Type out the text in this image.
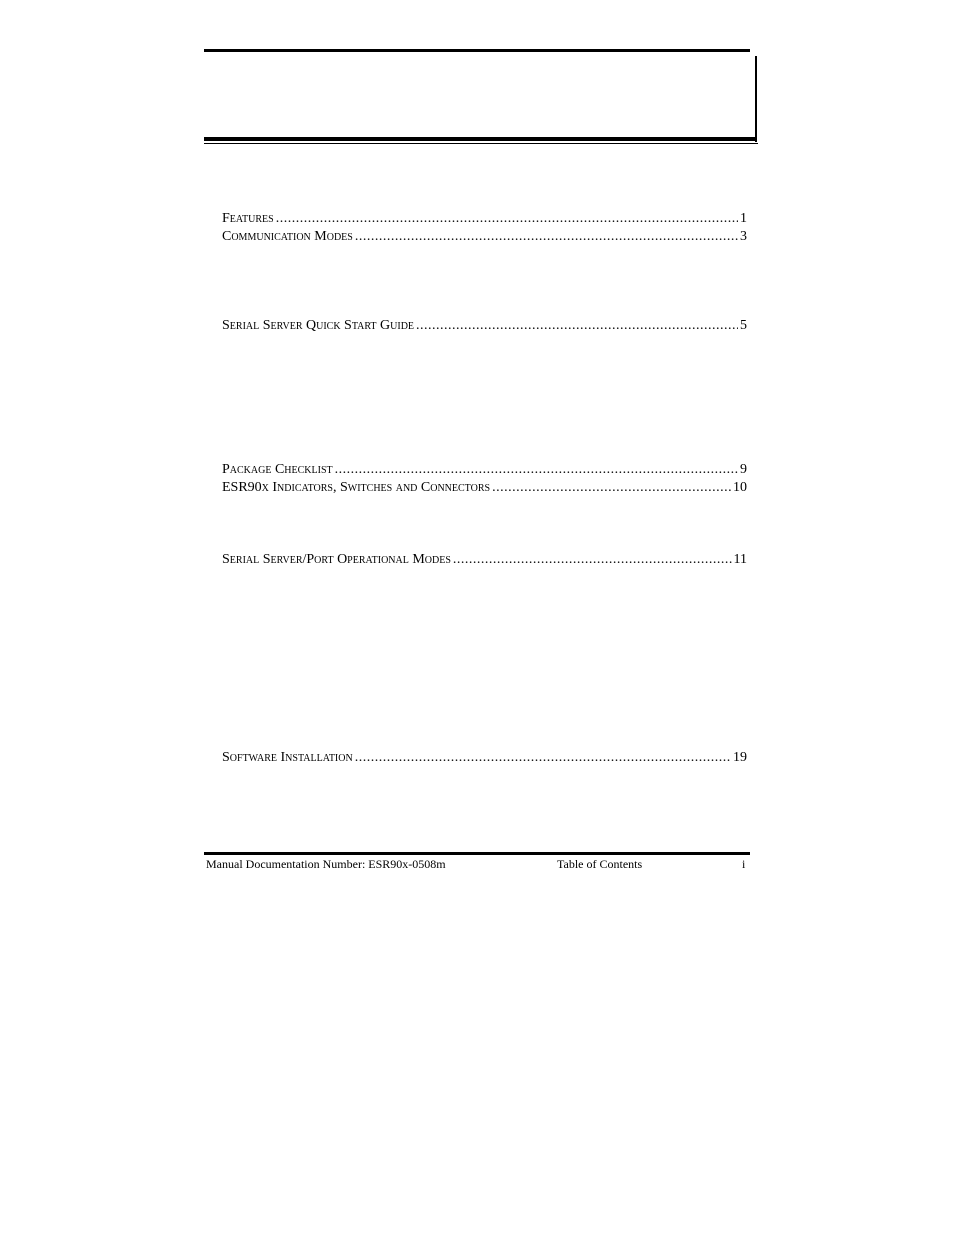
Features .....	1
Communication Modes .....	3
Serial Server Quick Start Guide .....	5
Package Checklist .....	9
ESR90x Indicators, Switches and Connectors .....	10
Serial Server/Port Operational Modes .....	11
Software Installation .....	19
Manual Documentation Number: ESR90x-0508m	Table of Contents	i
